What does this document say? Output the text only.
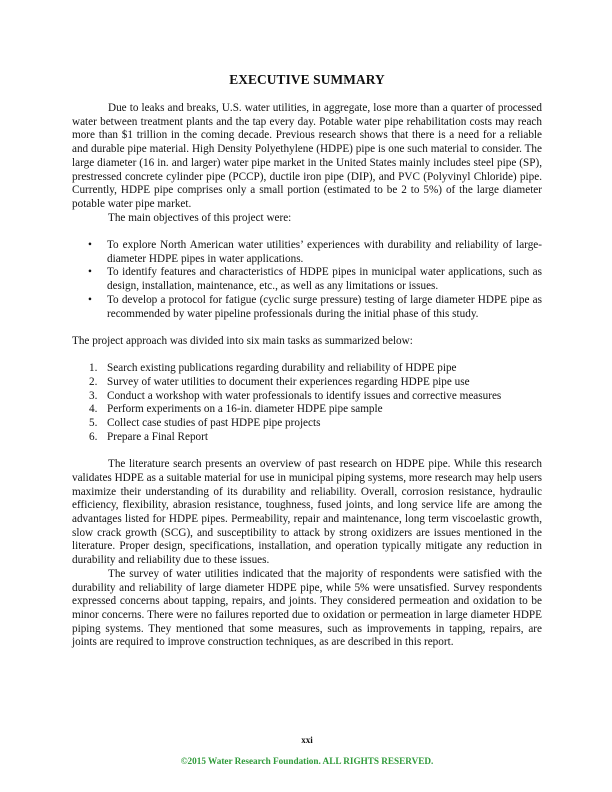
EXECUTIVE SUMMARY

Due to leaks and breaks, U.S. water utilities, in aggregate, lose more than a quarter of processed water between treatment plants and the tap every day. Potable water pipe rehabilitation costs may reach more than $1 trillion in the coming decade. Previous research shows that there is a need for a reliable and durable pipe material. High Density Polyethylene (HDPE) pipe is one such material to consider. The large diameter (16 in. and larger) water pipe market in the United States mainly includes steel pipe (SP), prestressed concrete cylinder pipe (PCCP), ductile iron pipe (DIP), and PVC (Polyvinyl Chloride) pipe. Currently, HDPE pipe comprises only a small portion (estimated to be 2 to 5%) of the large diameter potable water pipe market.

The main objectives of this project were:

• To explore North American water utilities’ experiences with durability and reliability of large-diameter HDPE pipes in water applications.
• To identify features and characteristics of HDPE pipes in municipal water applications, such as design, installation, maintenance, etc., as well as any limitations or issues.
• To develop a protocol for fatigue (cyclic surge pressure) testing of large diameter HDPE pipe as recommended by water pipeline professionals during the initial phase of this study.

The project approach was divided into six main tasks as summarized below:

1. Search existing publications regarding durability and reliability of HDPE pipe
2. Survey of water utilities to document their experiences regarding HDPE pipe use
3. Conduct a workshop with water professionals to identify issues and corrective measures
4. Perform experiments on a 16-in. diameter HDPE pipe sample
5. Collect case studies of past HDPE pipe projects
6. Prepare a Final Report

The literature search presents an overview of past research on HDPE pipe. While this research validates HDPE as a suitable material for use in municipal piping systems, more research may help users maximize their understanding of its durability and reliability. Overall, corrosion resistance, hydraulic efficiency, flexibility, abrasion resistance, toughness, fused joints, and long service life are among the advantages listed for HDPE pipes. Permeability, repair and maintenance, long term viscoelastic growth, slow crack growth (SCG), and susceptibility to attack by strong oxidizers are issues mentioned in the literature. Proper design, specifications, installation, and operation typically mitigate any reduction in durability and reliability due to these issues.

The survey of water utilities indicated that the majority of respondents were satisfied with the durability and reliability of large diameter HDPE pipe, while 5% were unsatisfied. Survey respondents expressed concerns about tapping, repairs, and joints. They considered permeation and oxidation to be minor concerns. There were no failures reported due to oxidation or permeation in large diameter HDPE piping systems. They mentioned that some measures, such as improvements in tapping, repairs, are joints are required to improve construction techniques, as are described in this report.

xxi
©2015 Water Research Foundation. ALL RIGHTS RESERVED.
